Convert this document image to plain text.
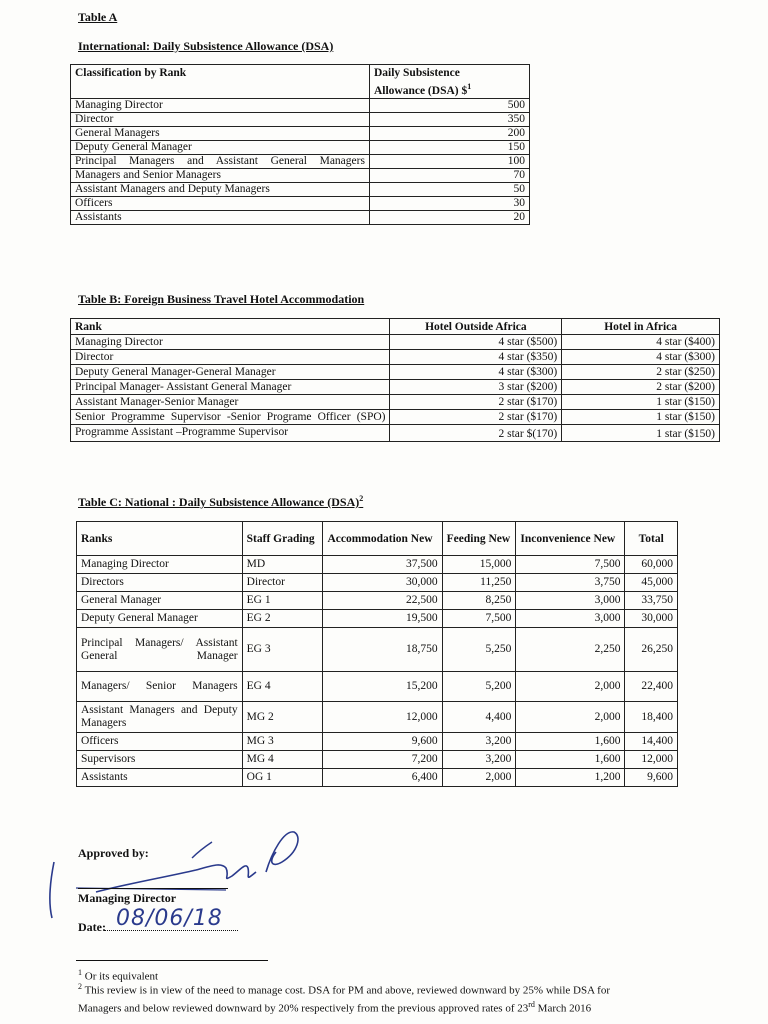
Table A
International: Daily Subsistence Allowance (DSA)
Classification by Rank	Daily Subsistence
Allowance (DSA) \$$^1$

Managing Director	500
Director	350
General Managers	200
Deputy General Manager	150
Principal Managers and Assistant General Managers	100
Managers and Senior Managers	70
Assistant Managers and Deputy Managers	50
Officers	30
Assistants	20
Table B: Foreign Business Travel Hotel Accommodation
Rank	Hotel Outside Africa	Hotel in Africa
Managing Director	4 star ($500)	4 star ($400)
Director	4 star ($350)	4 star ($300)
Deputy General Manager-General Manager	4 star ($300)	2 star ($250)
Principal Manager- Assistant General Manager	3 star ($200)	2 star ($200)
Assistant Manager-Senior Manager	2 star ($170)	1 star ($150)
Senior Programme Supervisor -Senior Programe Officer (SPO)	2 star ($170)	1 star ($150)
Programme Assistant –Programme Supervisor	2 star $(170)	1 star ($150)
Table C: National : Daily Subsistence Allowance (DSA)$^2$
Ranks	Staff Grading	Accommodation New	Feeding New	Inconvenience New	Total
Managing Director	MD	37,500	15,000	7,500	60,000
Directors	Director	30,000	11,250	3,750	45,000
General Manager	EG 1	22,500	8,250	3,000	33,750
Deputy General Manager	EG 2	19,500	7,500	3,000	30,000
Principal Managers/ Assistant General Manager	EG 3	18,750	5,250	2,250	26,250
Managers/ Senior Managers	EG 4	15,200	5,200	2,000	22,400
Assistant Managers and Deputy Managers	MG 2	12,000	4,400	2,000	18,400
Officers	MG 3	9,600	3,200	1,600	14,400
Supervisors	MG 4	7,200	3,200	1,600	12,000
Assistants	OG 1	6,400	2,000	1,200	9,600
Approved by:
Managing Director
Date: 08/06/18
$^1$ Or its equivalent
$^2$ This review is in view of the need to manage cost. DSA for PM and above, reviewed downward by 25% while DSA for
Managers and below reviewed downward by 20% respectively from the previous approved rates of 23rd March 2016
